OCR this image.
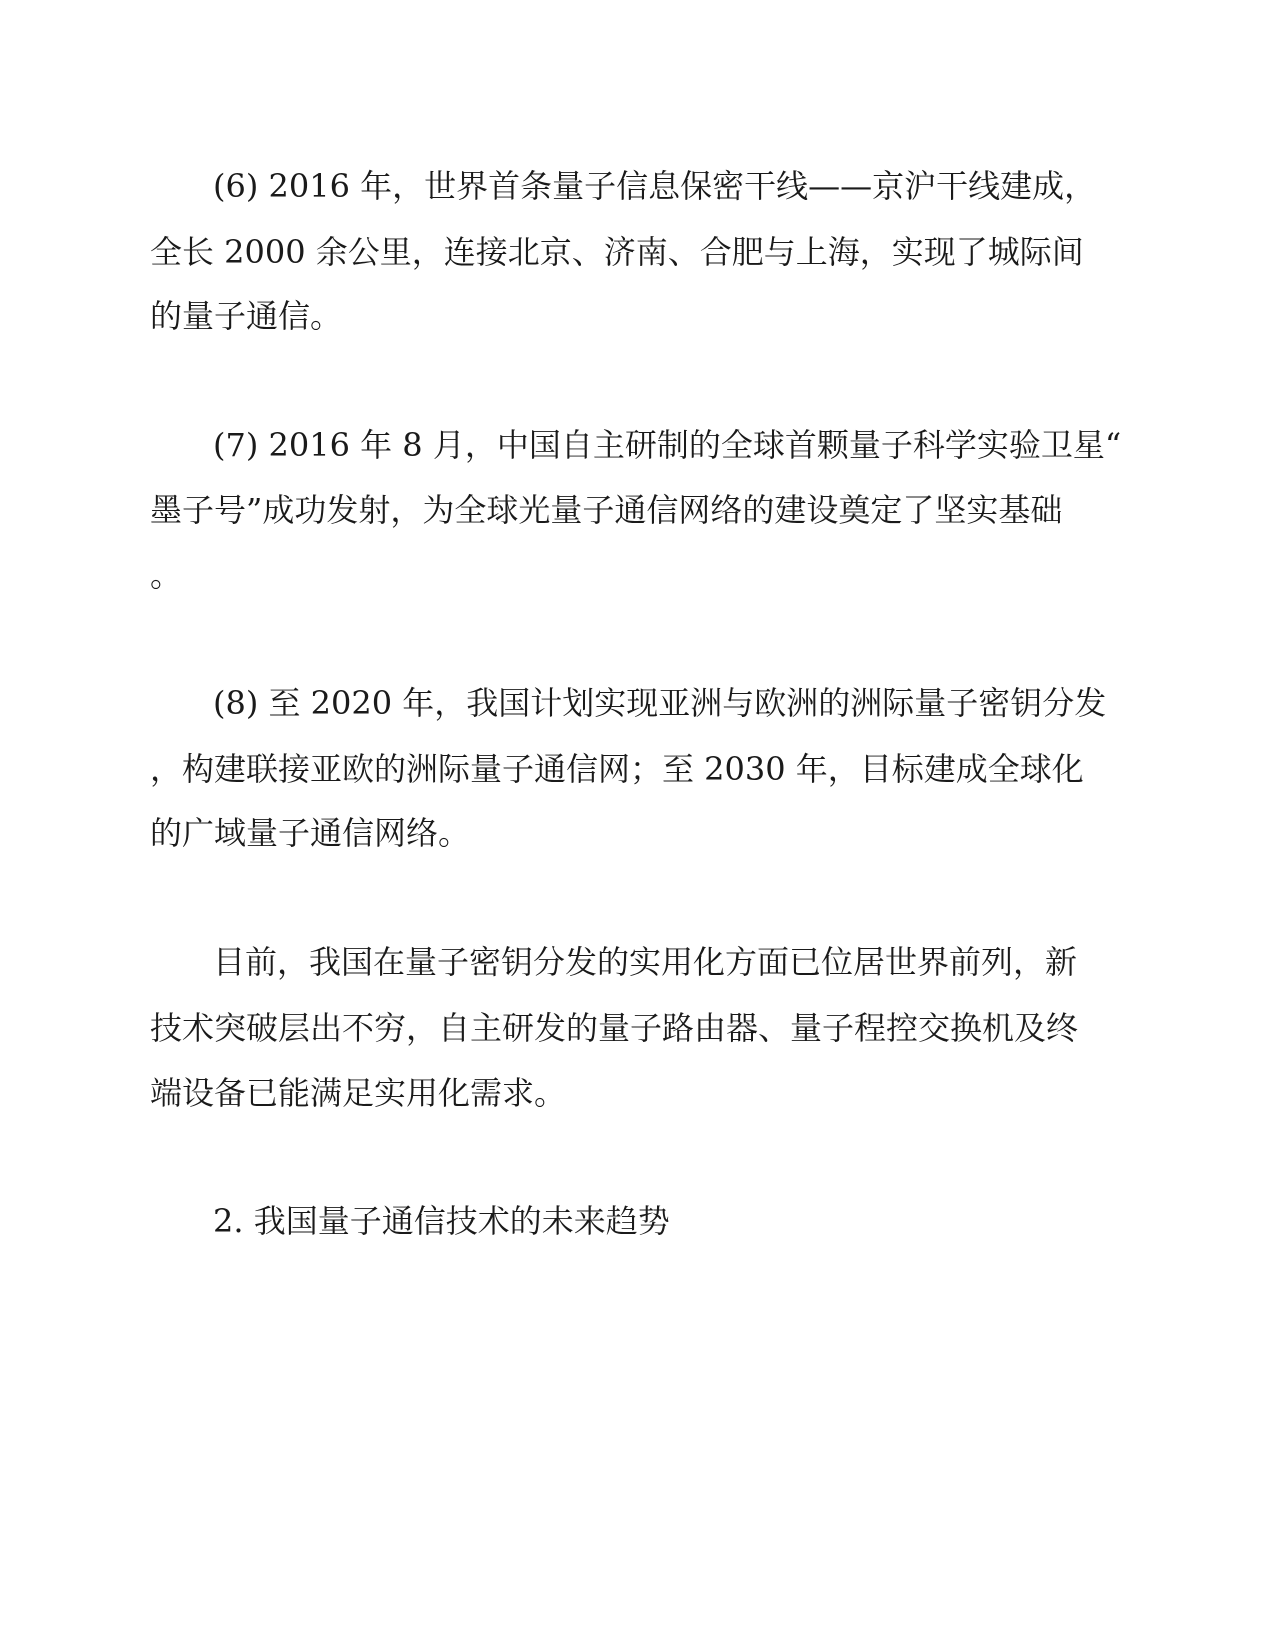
(6) 2016 年，世界首条量子信息保密干线——京沪干线建成，
全长 2000 余公里，连接北京、济南、合肥与上海，实现了城际间
的量子通信。
(7) 2016 年 8 月，中国自主研制的全球首颗量子科学实验卫星“
墨子号”成功发射，为全球光量子通信网络的建设奠定了坚实基础
。
(8) 至 2020 年，我国计划实现亚洲与欧洲的洲际量子密钥分发
，构建联接亚欧的洲际量子通信网；至 2030 年，目标建成全球化
的广域量子通信网络。
目前，我国在量子密钥分发的实用化方面已位居世界前列，新
技术突破层出不穷，自主研发的量子路由器、量子程控交换机及终
端设备已能满足实用化需求。
2. 我国量子通信技术的未来趋势
